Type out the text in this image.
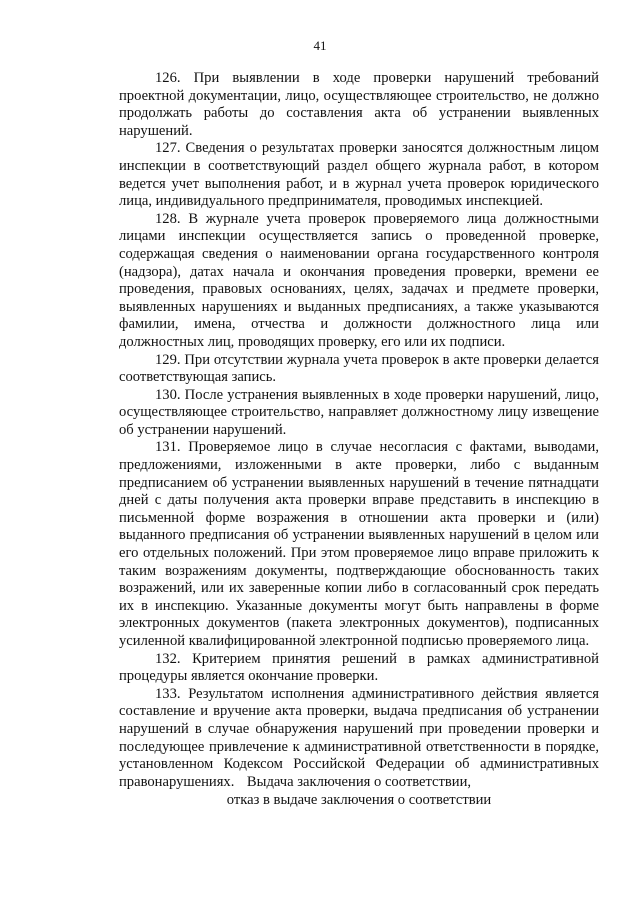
41

126. При выявлении в ходе проверки нарушений требований проектной документации, лицо, осуществляющее строительство, не должно продолжать работы до составления акта об устранении выявленных нарушений.

127. Сведения о результатах проверки заносятся должностным лицом инспекции в соответствующий раздел общего журнала работ, в котором ведется учет выполнения работ, и в журнал учета проверок юридического лица, индивидуального предпринимателя, проводимых инспекцией.

128. В журнале учета проверок проверяемого лица должностными лицами инспекции осуществляется запись о проведенной проверке, содержащая сведения о наименовании органа государственного контроля (надзора), датах начала и окончания проведения проверки, времени ее проведения, правовых основаниях, целях, задачах и предмете проверки, выявленных нарушениях и выданных предписаниях, а также указываются фамилии, имена, отчества и должности должностного лица или должностных лиц, проводящих проверку, его или их подписи.

129. При отсутствии журнала учета проверок в акте проверки делается соответствующая запись.

130. После устранения выявленных в ходе проверки нарушений, лицо, осуществляющее строительство, направляет должностному лицу извещение об устранении нарушений.

131. Проверяемое лицо в случае несогласия с фактами, выводами, предложениями, изложенными в акте проверки, либо с выданным предписанием об устранении выявленных нарушений в течение пятнадцати дней с даты получения акта проверки вправе представить в инспекцию в письменной форме возражения в отношении акта проверки и (или) выданного предписания об устранении выявленных нарушений в целом или его отдельных положений. При этом проверяемое лицо вправе приложить к таким возражениям документы, подтверждающие обоснованность таких возражений, или их заверенные копии либо в согласованный срок передать их в инспекцию. Указанные документы могут быть направлены в форме электронных документов (пакета электронных документов), подписанных усиленной квалифицированной электронной подписью проверяемого лица.

132. Критерием принятия решений в рамках административной процедуры является окончание проверки.

133. Результатом исполнения административного действия является составление и вручение акта проверки, выдача предписания об устранении нарушений в случае обнаружения нарушений при проведении проверки и последующее привлечение к административной ответственности в порядке, установленном Кодексом Российской Федерации об административных правонарушениях. Выдача заключения о соответствии,
отказ в выдаче заключения о соответствии
